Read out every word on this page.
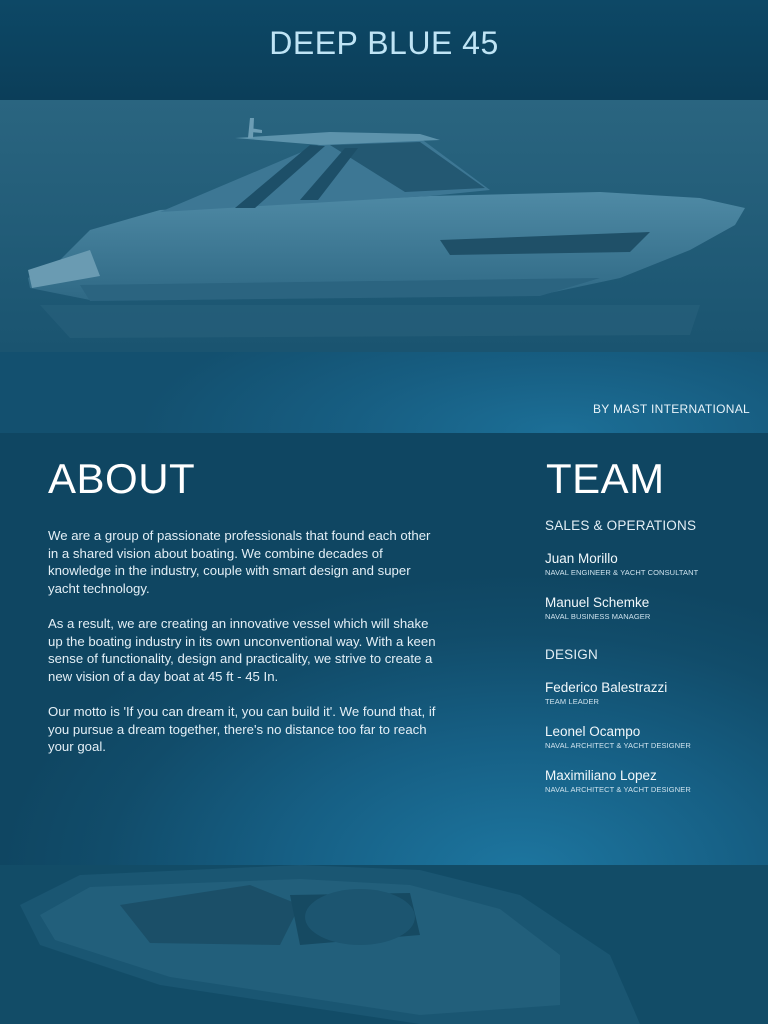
DEEP BLUE 45
BY MAST INTERNATIONAL
ABOUT

We are a group of passionate professionals that found each other in a shared vision about boating. We combine decades of knowledge in the industry, couple with smart design and super yacht technology.

As a result, we are creating an innovative vessel which will shake up the boating industry in its own unconventional way. With a keen sense of functionality, design and practicality, we strive to create a new vision of a day boat at 45 ft - 45 In.

Our motto is 'If you can dream it, you can build it'. We found that, if you pursue a dream together, there's no distance too far to reach your goal.

TEAM
SALES & OPERATIONS
Juan Morillo
NAVAL ENGINEER & YACHT CONSULTANT
Manuel Schemke
NAVAL BUSINESS MANAGER
DESIGN
Federico Balestrazzi
TEAM LEADER
Leonel Ocampo
NAVAL ARCHITECT & YACHT DESIGNER
Maximiliano Lopez
NAVAL ARCHITECT & YACHT DESIGNER
